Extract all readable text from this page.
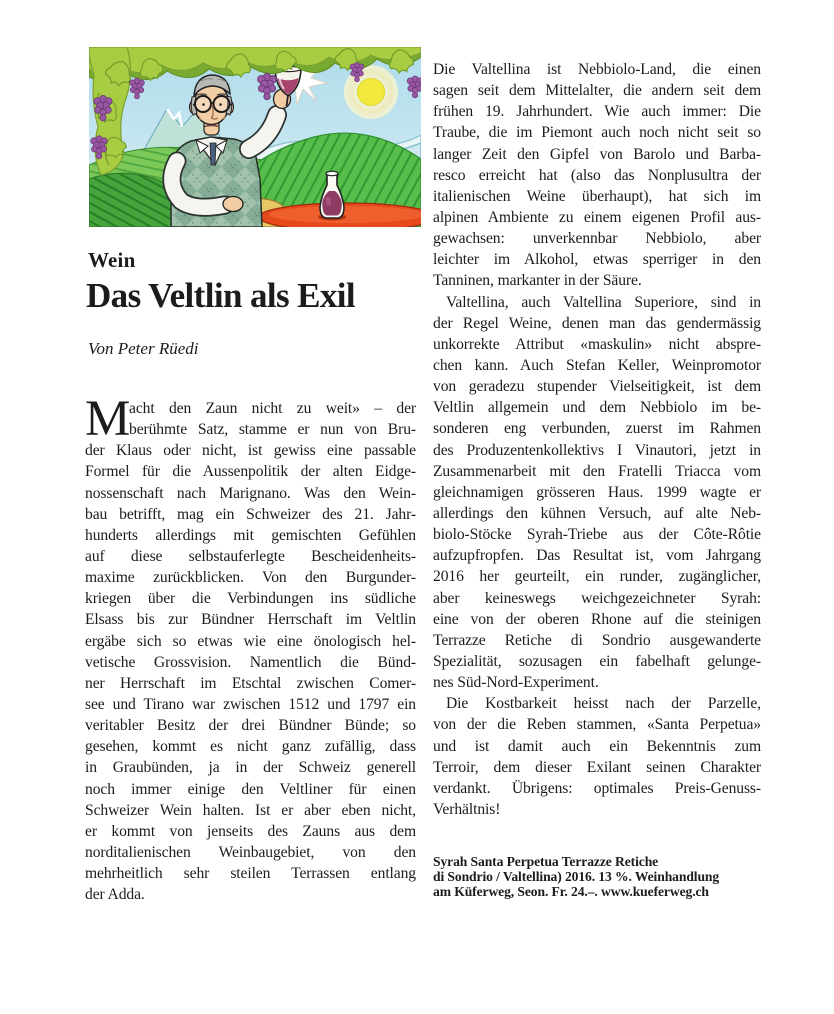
Wein
Das Veltlin als Exil
Von Peter Rüedi
M acht den Zaun nicht zu weit» – der
berühmte Satz, stamme er nun von Bru-
der Klaus oder nicht, ist gewiss eine passable
Formel für die Aussenpolitik der alten Eidge-
nossenschaft nach Marignano. Was den Wein-
bau betrifft, mag ein Schweizer des 21. Jahr-
hunderts allerdings mit gemischten Gefühlen
auf diese selbstauferlegte Bescheidenheits-
maxime zurückblicken. Von den Burgunder-
kriegen über die Verbindungen ins südliche
Elsass bis zur Bündner Herrschaft im Veltlin
ergäbe sich so etwas wie eine önologisch hel-
vetische Grossvision. Namentlich die Bünd-
ner Herrschaft im Etschtal zwischen Comer-
see und Tirano war zwischen 1512 und 1797 ein
veritabler Besitz der drei Bündner Bünde; so
gesehen, kommt es nicht ganz zufällig, dass
in Graubünden, ja in der Schweiz generell
noch immer einige den Veltliner für einen
Schweizer Wein halten. Ist er aber eben nicht,
er kommt von jenseits des Zauns aus dem
norditalienischen Weinbaugebiet, von den
mehrheitlich sehr steilen Terrassen entlang
der Adda.
Die Valtellina ist Nebbiolo-Land, die einen
sagen seit dem Mittelalter, die andern seit dem
frühen 19. Jahrhundert. Wie auch immer: Die
Traube, die im Piemont auch noch nicht seit so
langer Zeit den Gipfel von Barolo und Barba-
resco erreicht hat (also das Nonplusultra der
italienischen Weine überhaupt), hat sich im
alpinen Ambiente zu einem eigenen Profil aus-
gewachsen: unverkennbar Nebbiolo, aber
leichter im Alkohol, etwas sperriger in den
Tanninen, markanter in der Säure.
Valtellina, auch Valtellina Superiore, sind in
der Regel Weine, denen man das gendermässig
unkorrekte Attribut «maskulin» nicht abspre-
chen kann. Auch Stefan Keller, Weinpromotor
von geradezu stupender Vielseitigkeit, ist dem
Veltlin allgemein und dem Nebbiolo im be-
sonderen eng verbunden, zuerst im Rahmen
des Produzentenkollektivs I Vinautori, jetzt in
Zusammenarbeit mit den Fratelli Triacca vom
gleichnamigen grösseren Haus. 1999 wagte er
allerdings den kühnen Versuch, auf alte Neb-
biolo-Stöcke Syrah-Triebe aus der Côte-Rôtie
aufzupfropfen. Das Resultat ist, vom Jahrgang
2016 her geurteilt, ein runder, zugänglicher,
aber keineswegs weichgezeichneter Syrah:
eine von der oberen Rhone auf die steinigen
Terrazze Retiche di Sondrio ausgewanderte
Spezialität, sozusagen ein fabelhaft gelunge-
nes Süd-Nord-Experiment.
Die Kostbarkeit heisst nach der Parzelle,
von der die Reben stammen, «Santa Perpetua»
und ist damit auch ein Bekenntnis zum
Terroir, dem dieser Exilant seinen Charakter
verdankt. Übrigens: optimales Preis-Genuss-
Verhältnis!
Syrah Santa Perpetua Terrazze Retiche
di Sondrio / Valtellina) 2016. 13 %. Weinhandlung
am Küferweg, Seon. Fr. 24.–. www.kueferweg.ch
